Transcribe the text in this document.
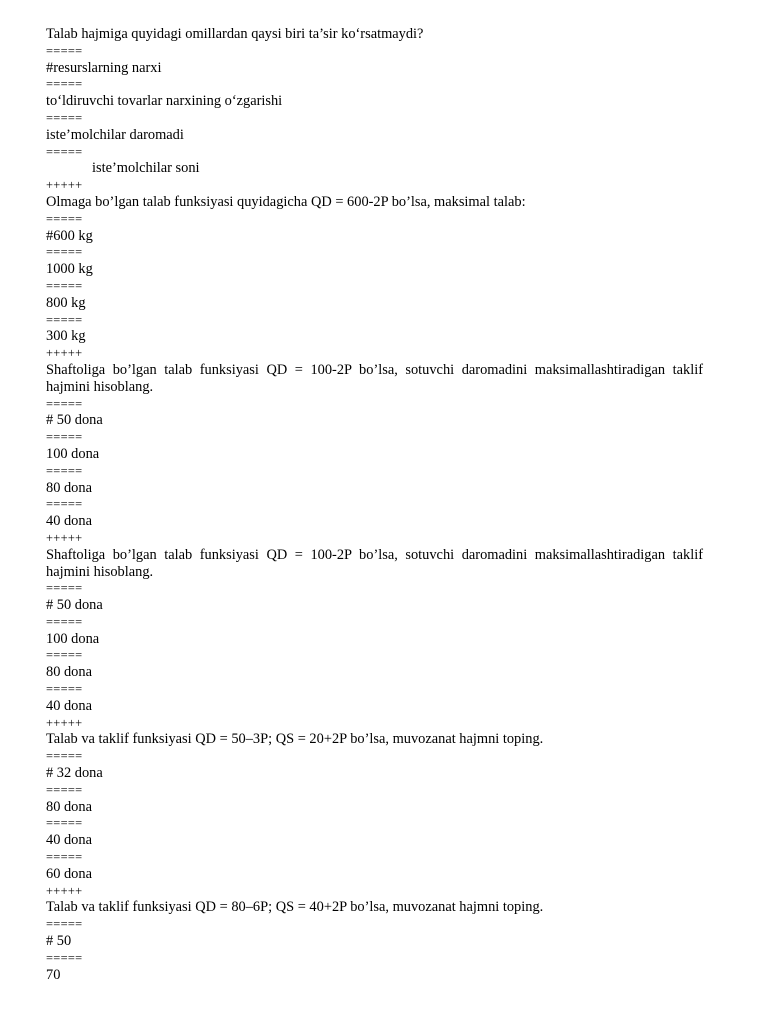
Talab hajmiga quyidagi omillardan qaysi biri ta’sir ko‘rsatmaydi?
=====
#resurslarning narxi
=====
to‘ldiruvchi tovarlar narxining o‘zgarishi
=====
iste’molchilar daromadi
=====
iste’molchilar soni
+++++
Olmaga bo’lgan talab funksiyasi quyidagicha QD = 600-2P bo’lsa, maksimal talab:
=====
#600 kg
=====
1000 kg
=====
800 kg
=====
300 kg
+++++
Shaftoliga bo’lgan talab funksiyasi QD = 100-2P bo’lsa, sotuvchi daromadini maksimallashtiradigan taklif hajmini hisoblang.
=====
# 50 dona
=====
100 dona
=====
80 dona
=====
40 dona
+++++
Shaftoliga bo’lgan talab funksiyasi QD = 100-2P bo’lsa, sotuvchi daromadini maksimallashtiradigan taklif hajmini hisoblang.
=====
# 50 dona
=====
100 dona
=====
80 dona
=====
40 dona
+++++
Talab va taklif funksiyasi QD = 50–3P; QS = 20+2P bo’lsa, muvozanat hajmni toping.
=====
# 32 dona
=====
80 dona
=====
40 dona
=====
60 dona
+++++
Talab va taklif funksiyasi QD = 80–6P; QS = 40+2P bo’lsa, muvozanat hajmni toping.
=====
# 50
=====
70
